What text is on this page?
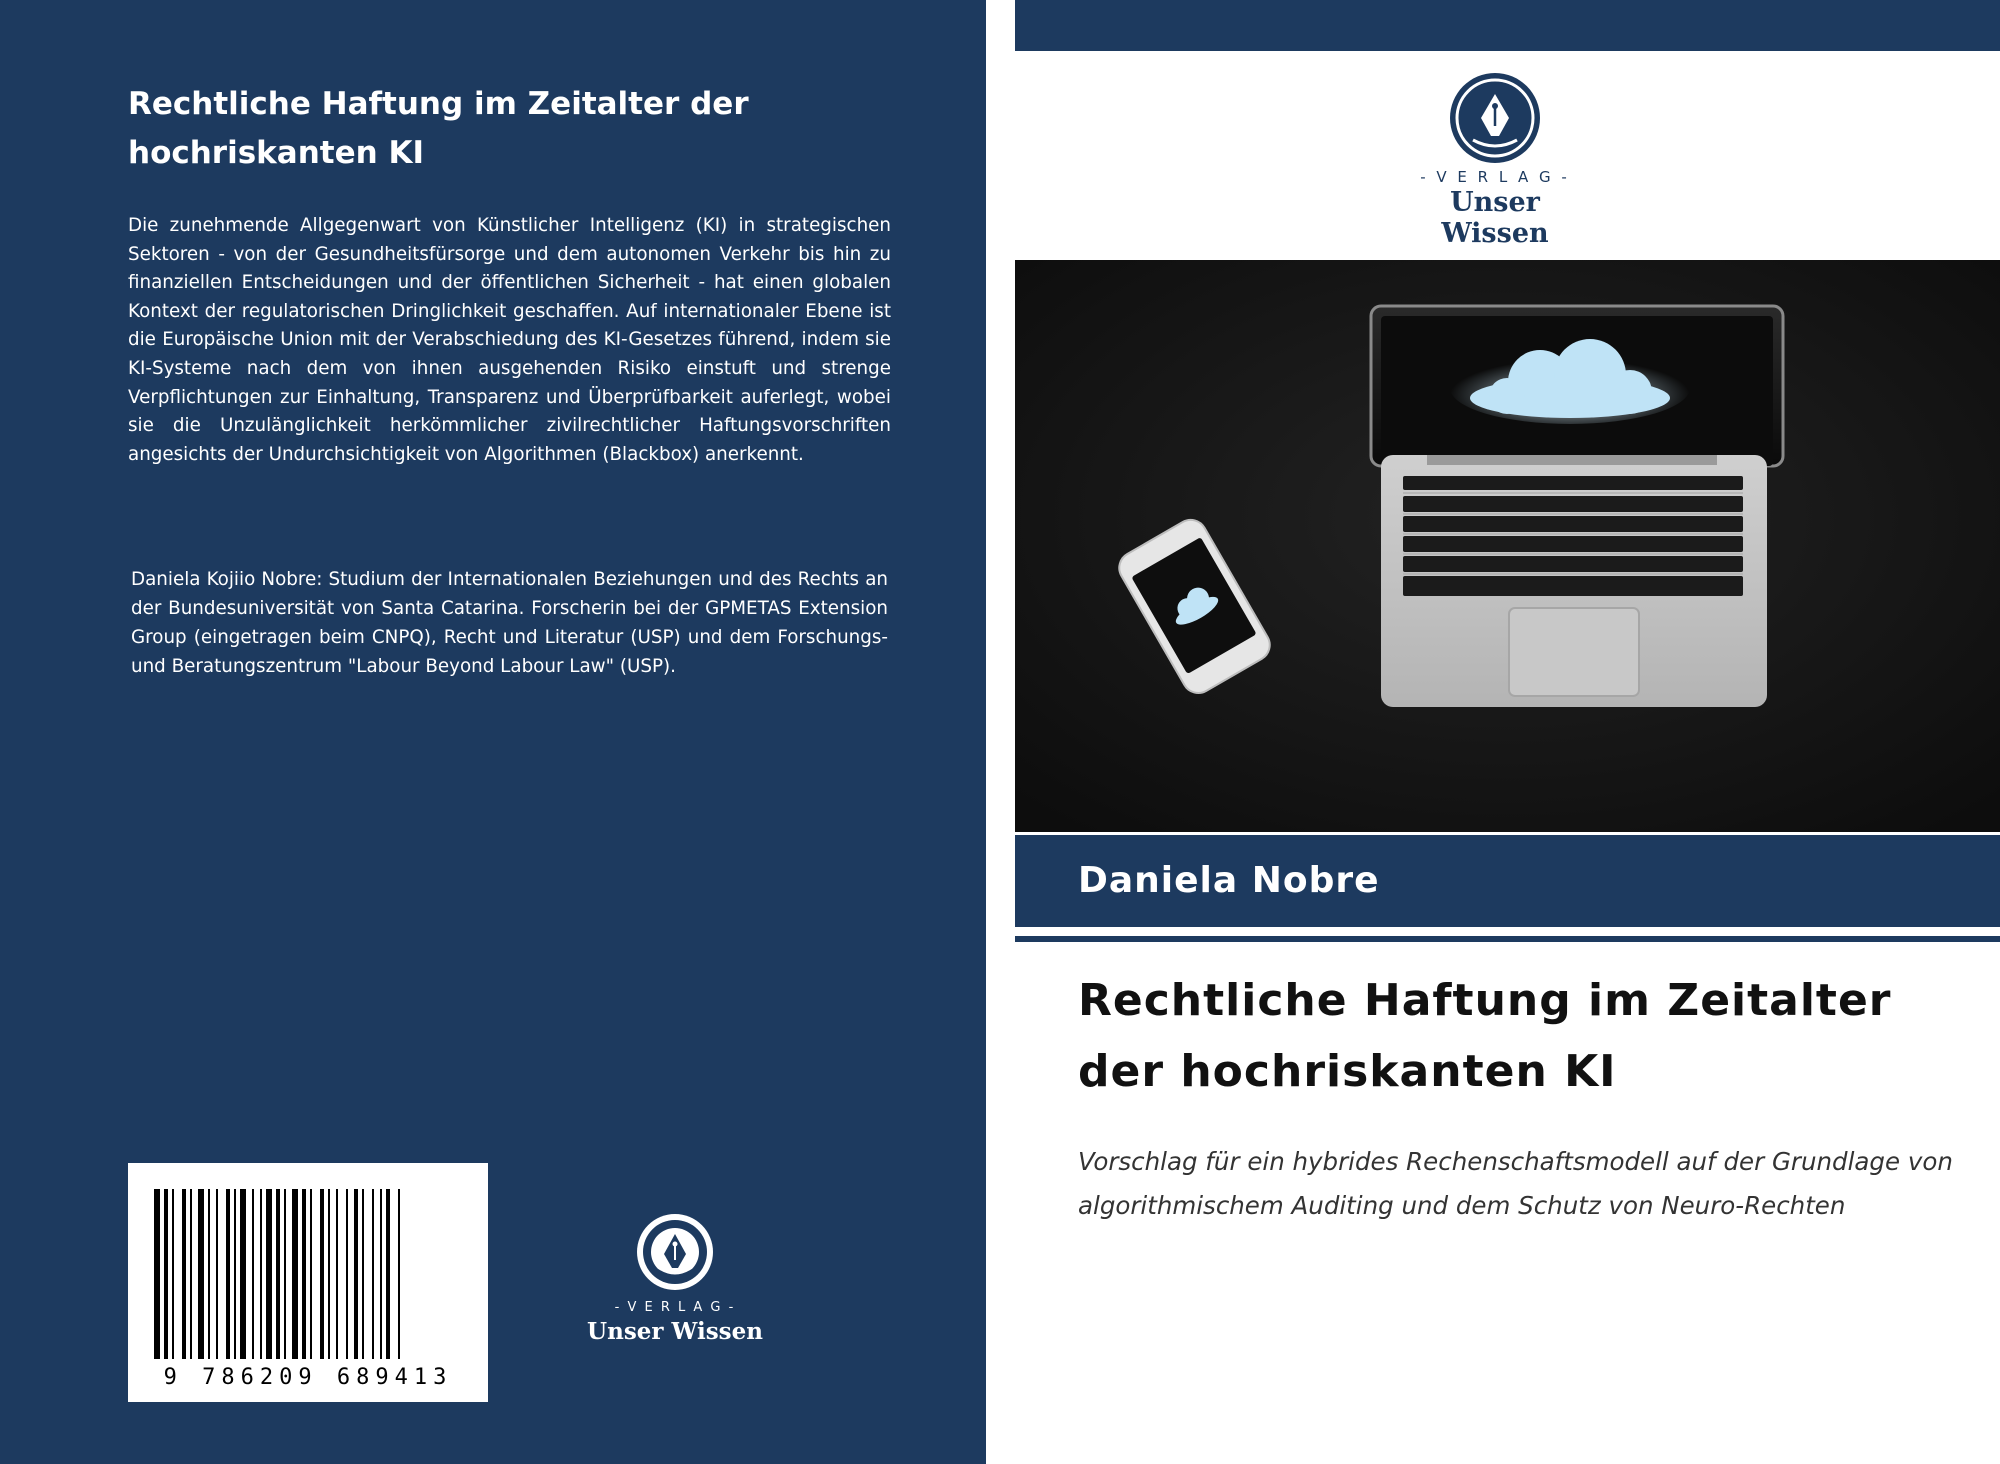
Rechtliche Haftung im Zeitalter der hochriskanten KI
Die zunehmende Allgegenwart von Künstlicher Intelligenz (KI) in strategischen Sektoren - von der Gesundheitsfürsorge und dem autonomen Verkehr bis hin zu finanziellen Entscheidungen und der öffentlichen Sicherheit - hat einen globalen Kontext der regulatorischen Dringlichkeit geschaffen. Auf internationaler Ebene ist die Europäische Union mit der Verabschiedung des KI-Gesetzes führend, indem sie KI-Systeme nach dem von ihnen ausgehenden Risiko einstuft und strenge Verpflichtungen zur Einhaltung, Transparenz und Überprüfbarkeit auferlegt, wobei sie die Unzulänglichkeit herkömmlicher zivilrechtlicher Haftungsvorschriften angesichts der Undurchsichtigkeit von Algorithmen (Blackbox) anerkennt.
Daniela Kojiio Nobre: Studium der Internationalen Beziehungen und des Rechts an der Bundesuniversität von Santa Catarina. Forscherin bei der GPMETAS Extension Group (eingetragen beim CNPQ), Recht und Literatur (USP) und dem Forschungs- und Beratungszentrum "Labour Beyond Labour Law" (USP).
9 786209 689413
- V E R L A G -
Unser Wissen
- V E R L A G -
Unser Wissen
Daniela Nobre
Rechtliche Haftung im Zeitalter der hochriskanten KI
Vorschlag für ein hybrides Rechenschaftsmodell auf der Grundlage von algorithmischem Auditing und dem Schutz von Neuro-Rechten
